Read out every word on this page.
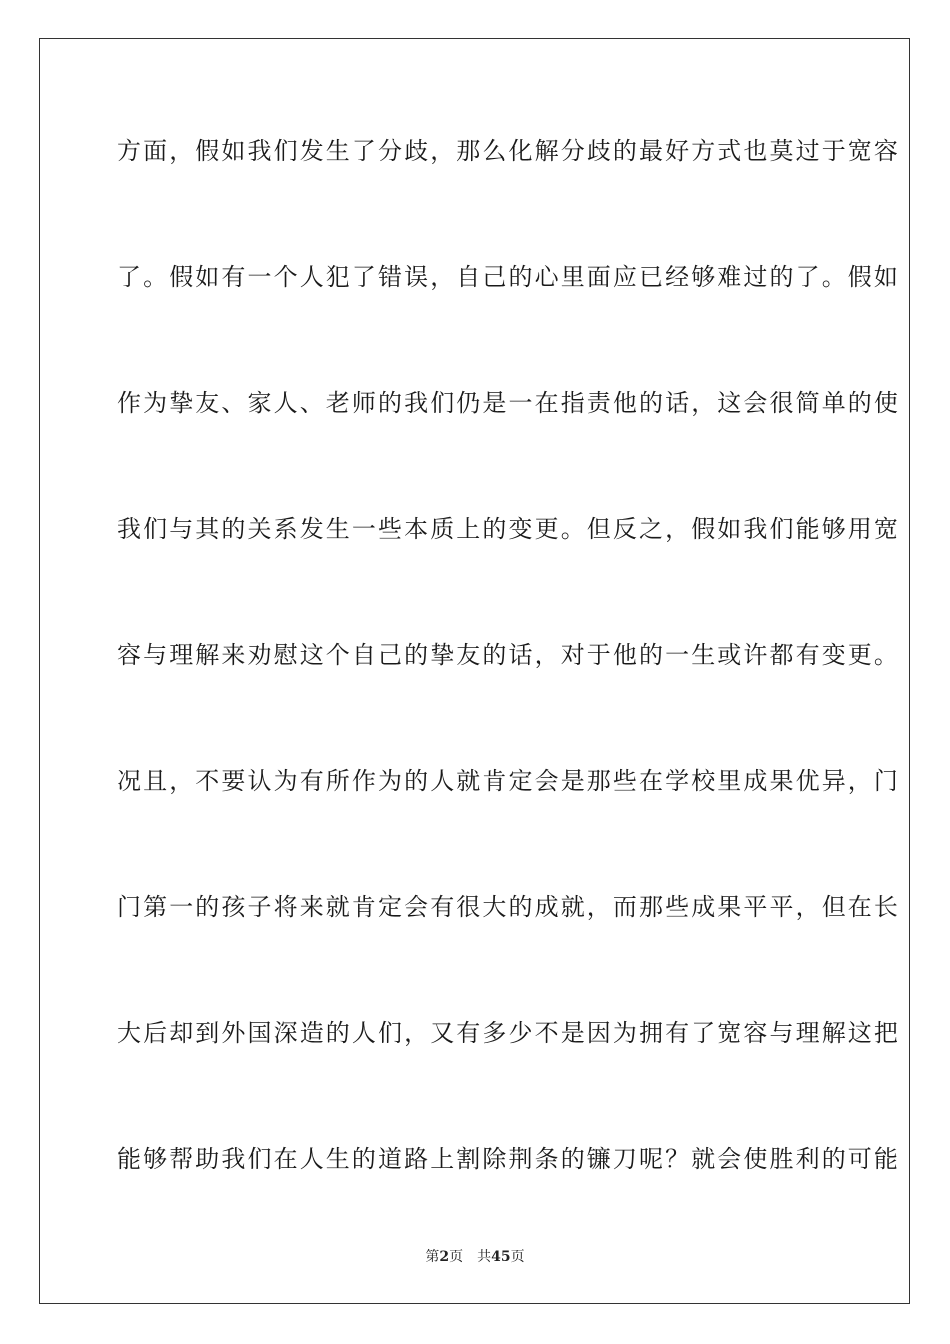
方面，假如我们发生了分歧，那么化解分歧的最好方式也莫过于宽容
了。假如有一个人犯了错误，自己的心里面应已经够难过的了。假如
作为挚友、家人、老师的我们仍是一在指责他的话，这会很简单的使
我们与其的关系发生一些本质上的变更。但反之，假如我们能够用宽
容与理解来劝慰这个自己的挚友的话，对于他的一生或许都有变更。
况且，不要认为有所作为的人就肯定会是那些在学校里成果优异，门
门第一的孩子将来就肯定会有很大的成就，而那些成果平平，但在长
大后却到外国深造的人们，又有多少不是因为拥有了宽容与理解这把
能够帮助我们在人生的道路上割除荆条的镰刀呢？就会使胜利的可能
第2页 共45页
